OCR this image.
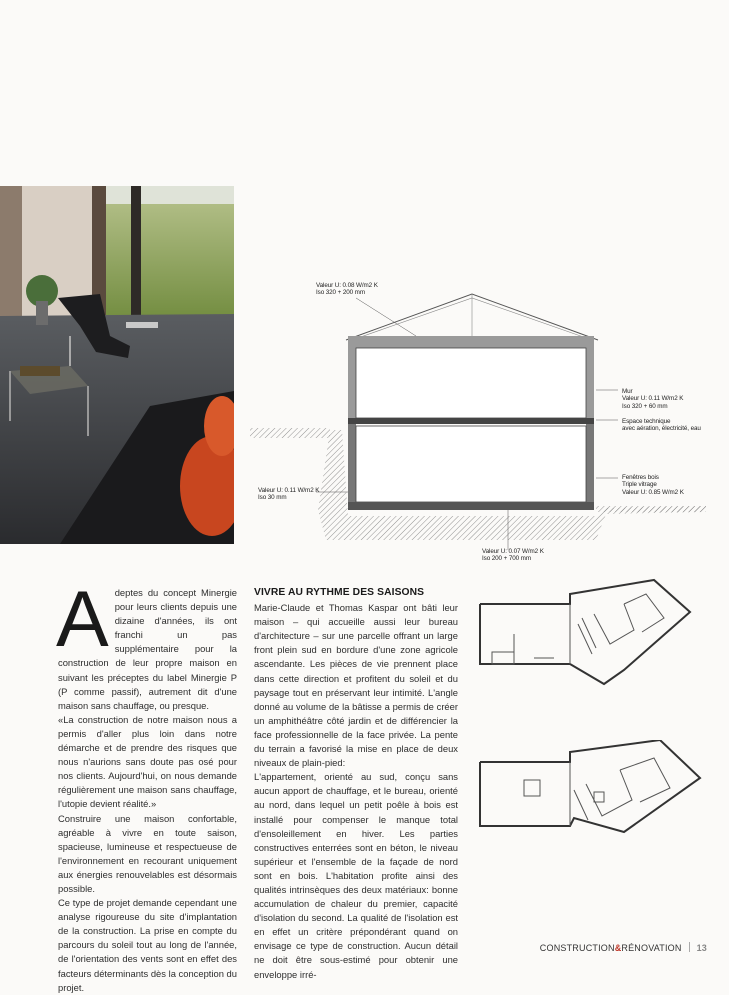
Valeur U: 0.08 W/m2 K
Iso 320 + 200 mm
Mur
Valeur U: 0.11 W/m2 K
Iso 320 + 60 mm
Espace technique
avec aération, électricité, eau
Fenêtres bois
Triple vitrage
Valeur U: 0.85 W/m2 K
Valeur U: 0.11 W/m2 K
Iso 30 mm
Valeur U: 0.07 W/m2 K
Iso 200 + 700 mm

Adeptes du concept Minergie pour leurs clients depuis une dizaine d'années, ils ont franchi un pas supplémentaire pour la construction de leur propre maison en suivant les préceptes du label Minergie P (P comme passif), autrement dit d'une maison sans chauffage, ou presque.

«La construction de notre maison nous a permis d'aller plus loin dans notre démarche et de prendre des risques que nous n'aurions sans doute pas osé pour nos clients. Aujourd'hui, on nous demande régulièrement une maison sans chauffage, l'utopie devient réalité.»

Construire une maison confortable, agréable à vivre en toute saison, spacieuse, lumineuse et respectueuse de l'environnement en recourant uniquement aux énergies renouvelables est désormais possible.

Ce type de projet demande cependant une analyse rigoureuse du site d'implantation de la construction. La prise en compte du parcours du soleil tout au long de l'année, de l'orientation des vents sont en effet des facteurs déterminants dès la conception du projet.

VIVRE AU RYTHME DES SAISONS

Marie-Claude et Thomas Kaspar ont bâti leur maison – qui accueille aussi leur bureau d'architecture – sur une parcelle offrant un large front plein sud en bordure d'une zone agricole ascendante. Les pièces de vie prennent place dans cette direction et profitent du soleil et du paysage tout en préservant leur intimité. L'angle donné au volume de la bâtisse a permis de créer un amphithéâtre côté jardin et de différencier la face professionnelle de la face privée. La pente du terrain a favorisé la mise en place de deux niveaux de plain-pied:

L'appartement, orienté au sud, conçu sans aucun apport de chauffage, et le bureau, orienté au nord, dans lequel un petit poêle à bois est installé pour compenser le manque total d'ensoleillement en hiver. Les parties constructives enterrées sont en béton, le niveau supérieur et l'ensemble de la façade de nord sont en bois. L'habitation profite ainsi des qualités intrinsèques des deux matériaux: bonne accumulation de chaleur du premier, capacité d'isolation du second. La qualité de l'isolation est en effet un critère prépondérant quand on envisage ce type de construction. Aucun détail ne doit être sous-estimé pour obtenir une enveloppe irré-

CONSTRUCTION&RÉNOVATION 13
